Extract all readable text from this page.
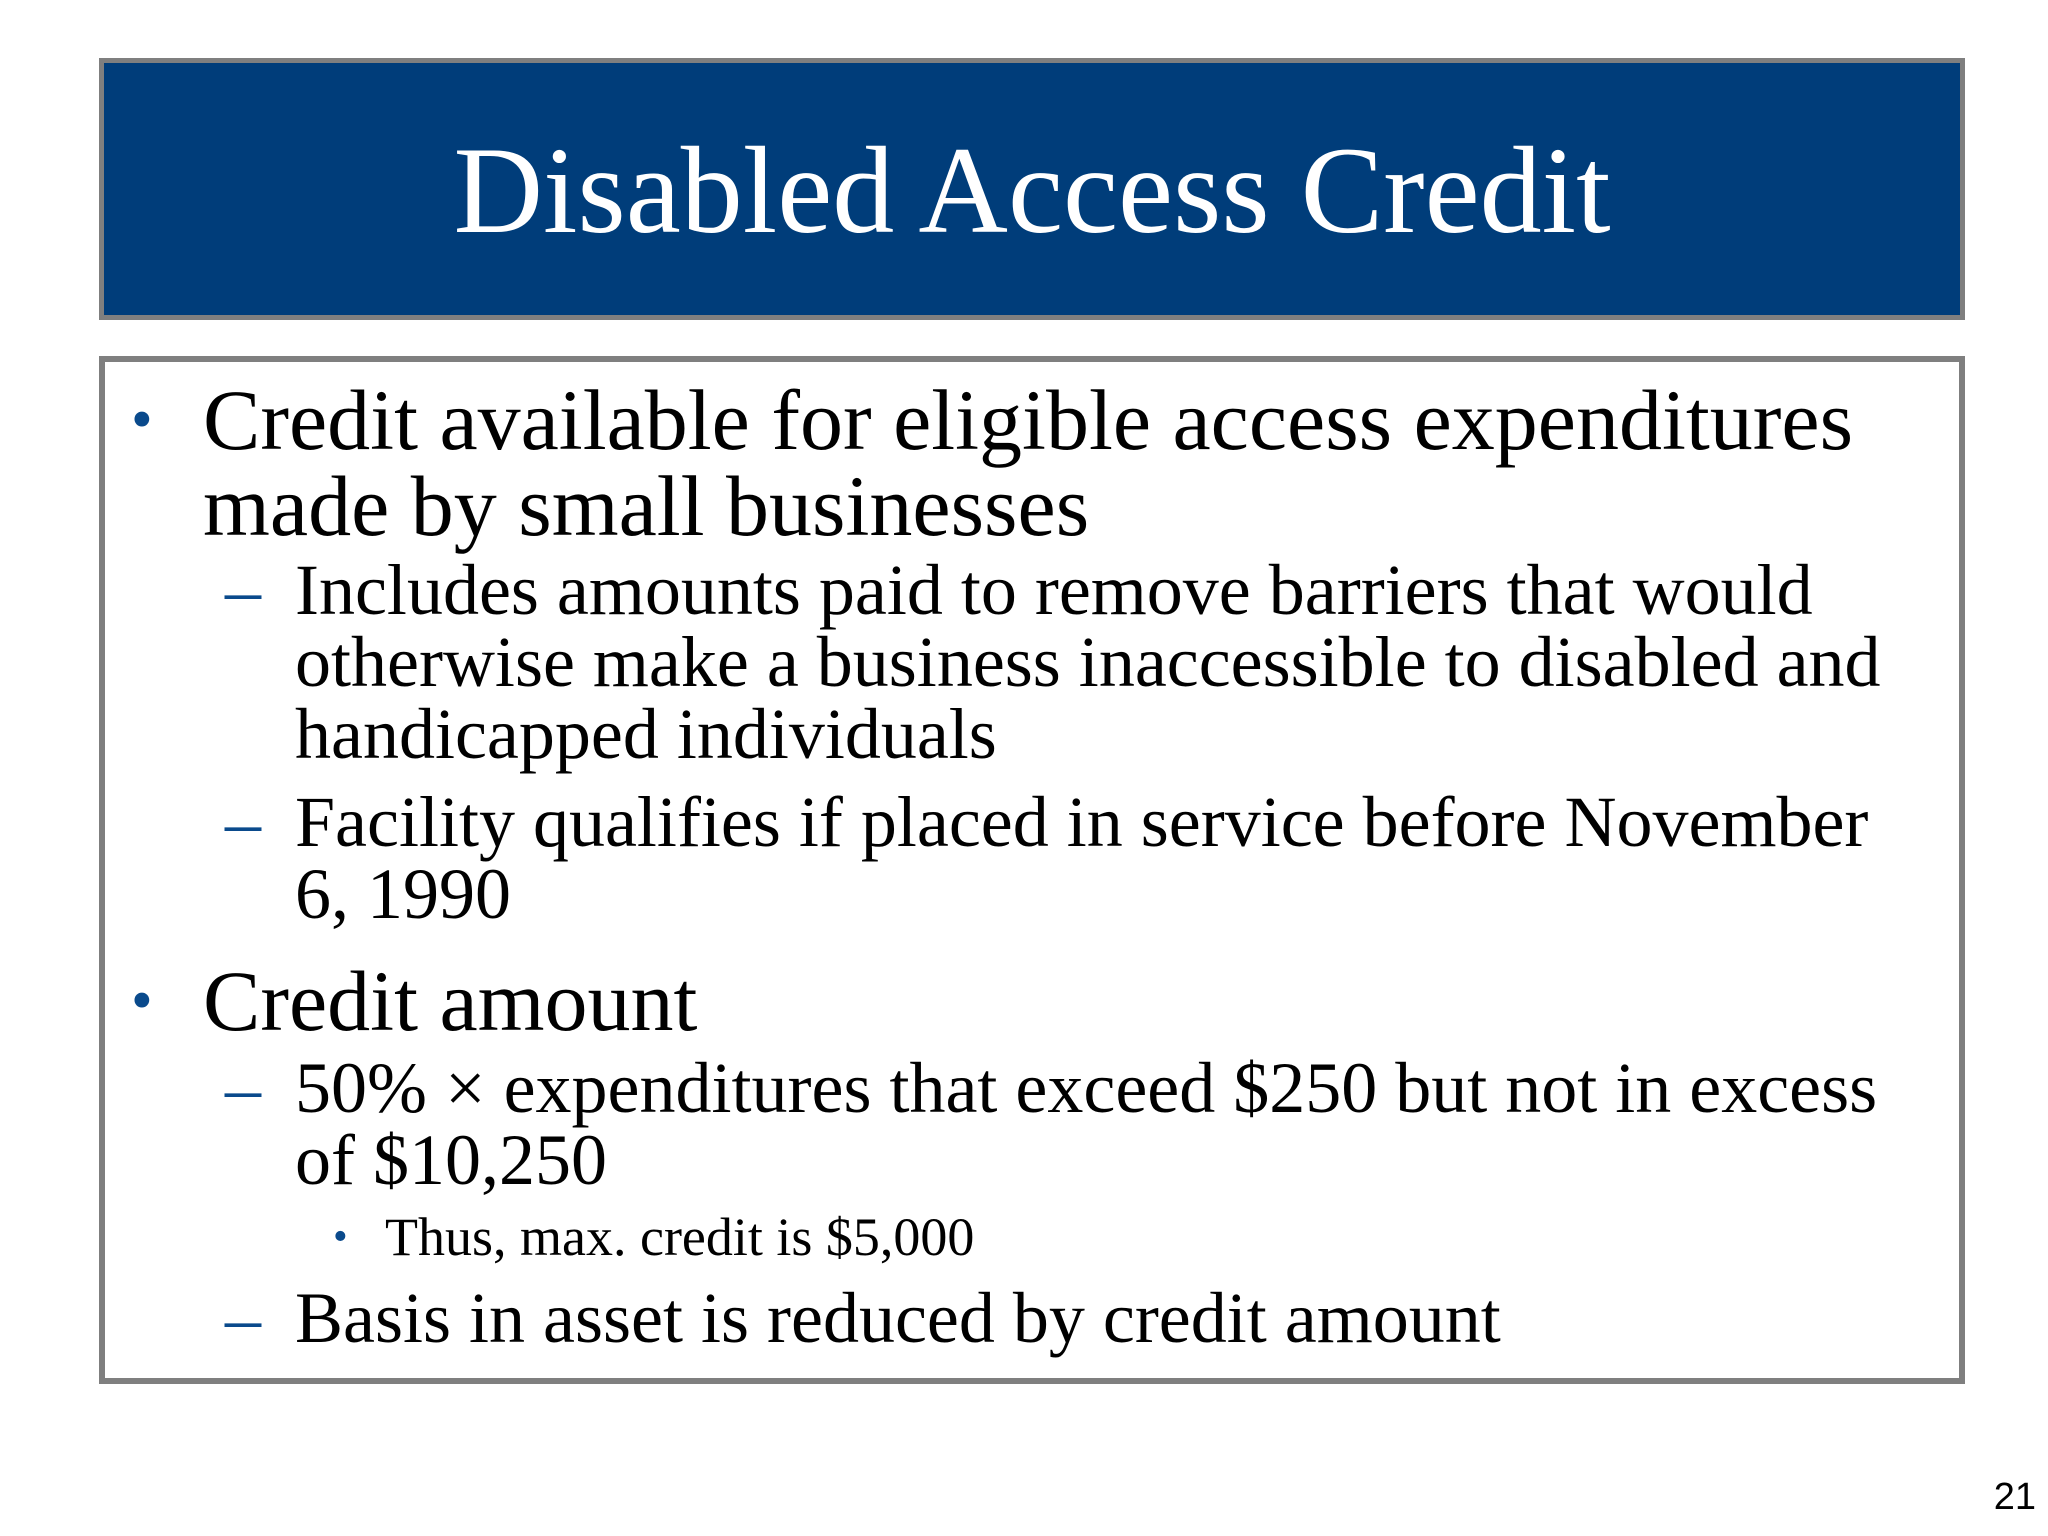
Disabled Access Credit
• Credit available for eligible access expenditures
made by small businesses
– Includes amounts paid to remove barriers that would
otherwise make a business inaccessible to disabled and
handicapped individuals
– Facility qualifies if placed in service before November
6, 1990
• Credit amount
– 50% × expenditures that exceed $250 but not in excess
of $10,250
• Thus, max. credit is $5,000
– Basis in asset is reduced by credit amount
21
